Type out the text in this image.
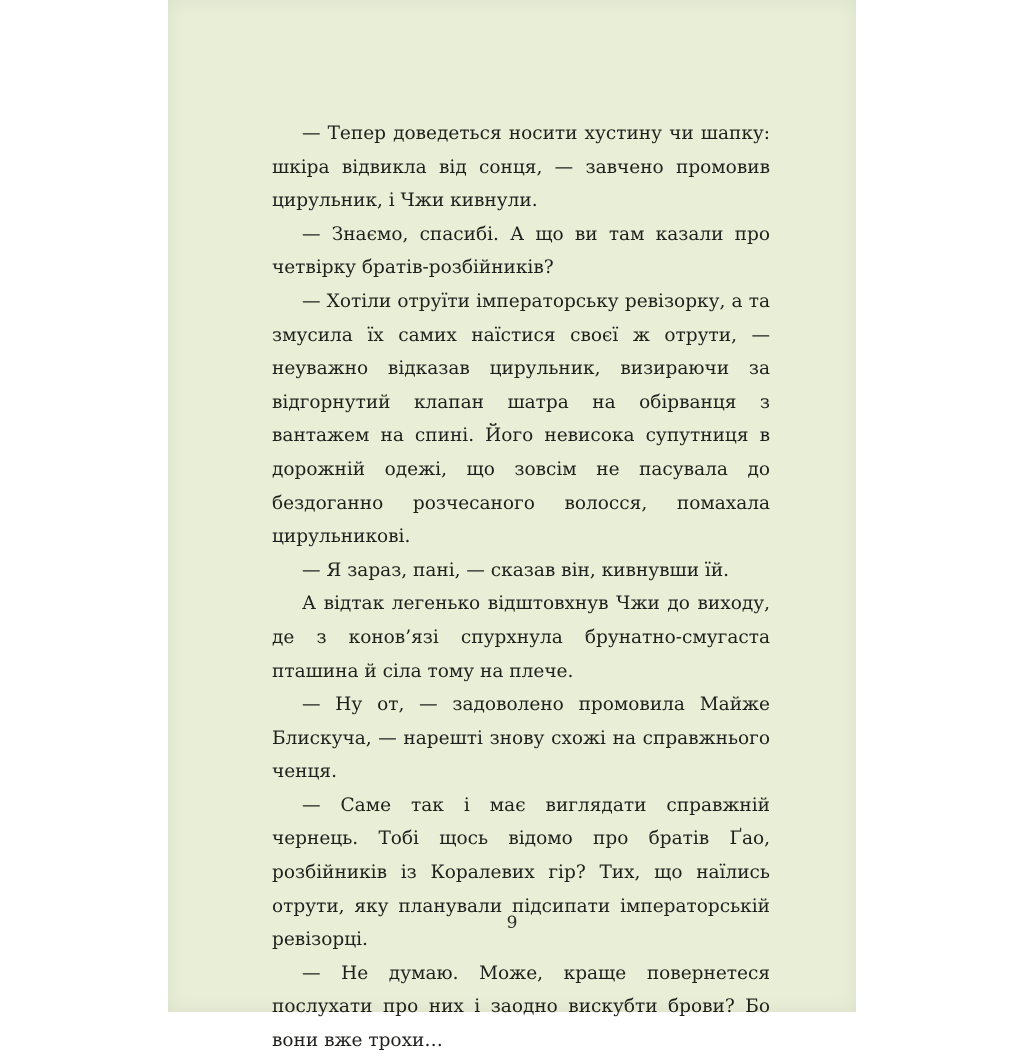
— Тепер доведеться носити хустину чи шапку: шкіра відвикла від сонця, — завчено промовив цирульник, і Чжи кивнули.

— Знаємо, спасибі. А що ви там казали про четвірку братів-розбійників?

— Хотіли отруїти імператорську ревізорку, а та змусила їх самих наїстися своєї ж отрути, — неуважно відказав цирульник, визираючи за відгорнутий клапан шатра на обірванця з вантажем на спині. Його невисока супутниця в дорожній одежі, що зовсім не пасувала до бездоганно розчесаного волосся, помахала цирульникові.

— Я зараз, пані, — сказав він, кивнувши їй.

А відтак легенько відштовхнув Чжи до виходу, де з конов’язі спурхнула брунатно-смугаста пташина й сіла тому на плече.

— Ну от, — задоволено промовила Майже Блискуча, — нарешті знову схожі на справжнього ченця.

— Саме так і має виглядати справжній чернець. Тобі щось відомо про братів Ґао, розбійників із Коралевих гір? Тих, що наїлись отрути, яку планували підсипати імператорській ревізорці.

— Не думаю. Може, краще повернетеся послухати про них і заодно вискубти брови? Бо вони вже трохи…

9
